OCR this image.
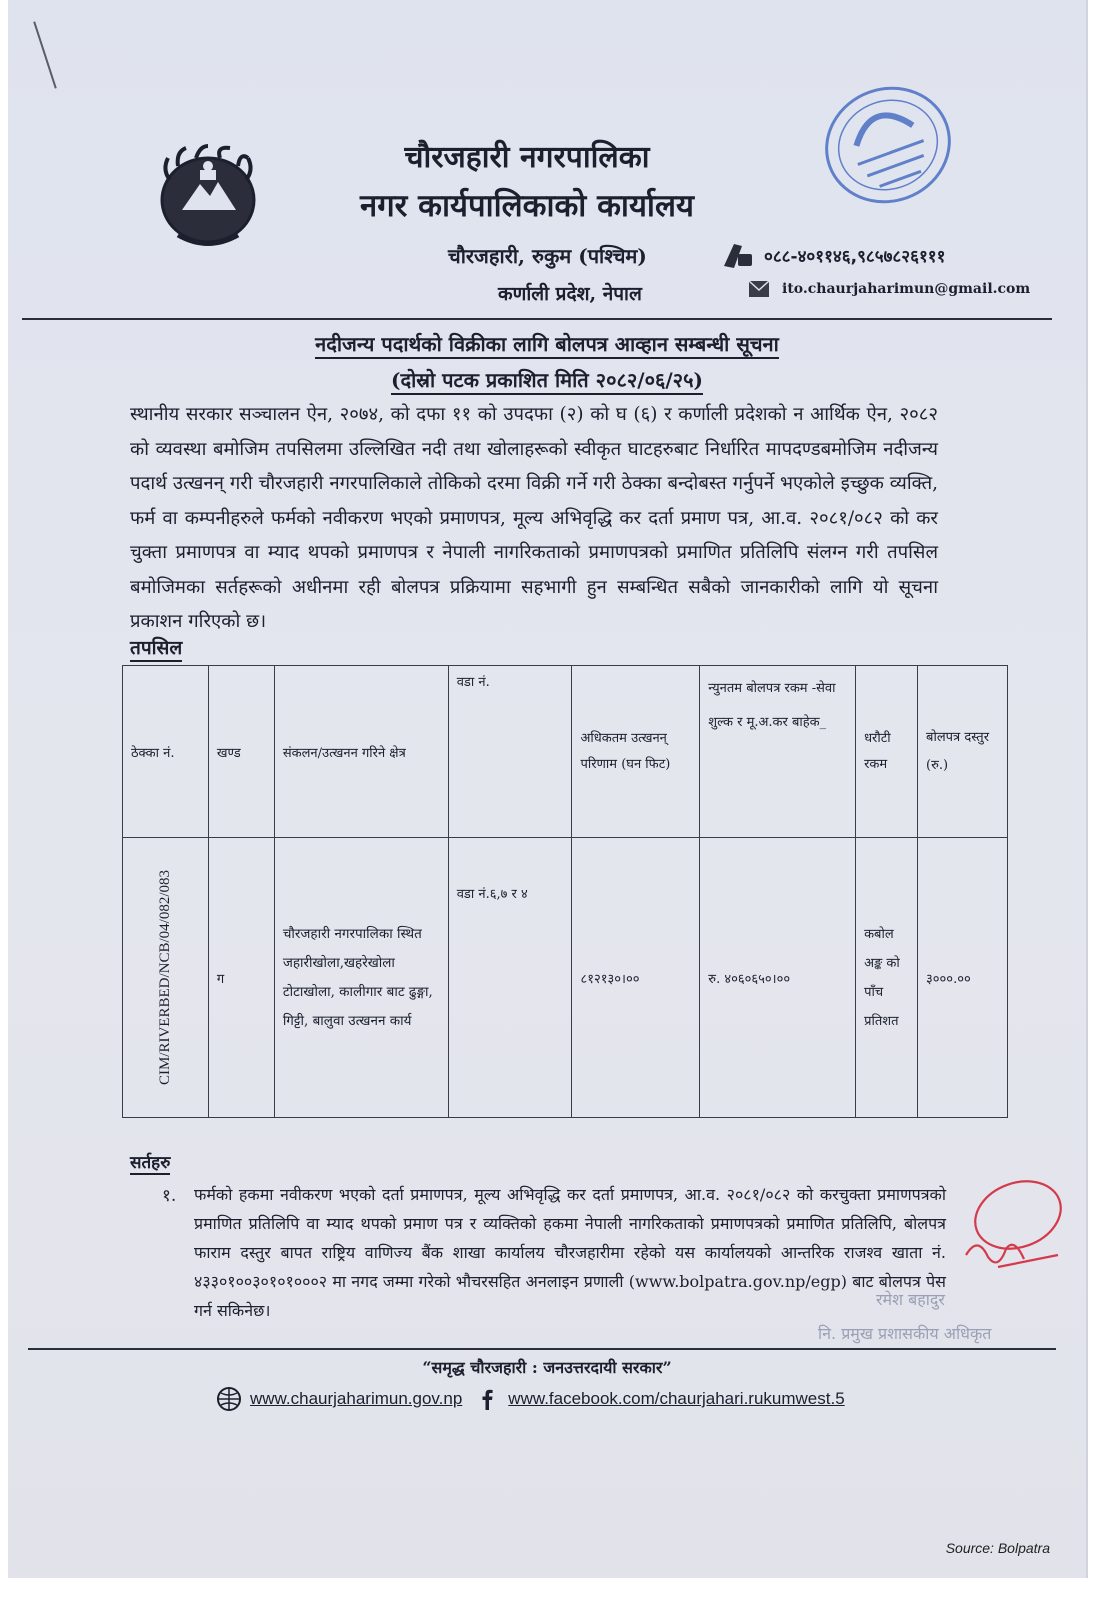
चौरजहारी नगरपालिका
नगर कार्यपालिकाको कार्यालय
चौरजहारी, रुकुम (पश्चिम)
कर्णाली प्रदेश, नेपाल
०८८-४०११४६,९८५७८२६१११
ito.chaurjaharimun@gmail.com
नदीजन्य पदार्थको विक्रीका लागि बोलपत्र आव्हान सम्बन्धी सूचना
(दोस्रो पटक प्रकाशित मिति २०८२/०६/२५)
स्थानीय सरकार सञ्चालन ऐन, २०७४, को दफा ११ को उपदफा (२) को घ (६) र कर्णाली प्रदेशको न आर्थिक ऐन, २०८२ को व्यवस्था बमोजिम तपसिलमा उल्लिखित नदी तथा खोलाहरूको स्वीकृत घाटहरुबाट निर्धारित मापदण्डबमोजिम नदीजन्य पदार्थ उत्खनन् गरी चौरजहारी नगरपालिकाले तोकिको दरमा विक्री गर्ने गरी ठेक्का बन्दोबस्त गर्नुपर्ने भएकोले इच्छुक व्यक्ति, फर्म वा कम्पनीहरुले फर्मको नवीकरण भएको प्रमाणपत्र, मूल्य अभिवृद्धि कर दर्ता प्रमाण पत्र, आ.व. २०८१/०८२ को कर चुक्ता प्रमाणपत्र वा म्याद थपको प्रमाणपत्र र नेपाली नागरिकताको प्रमाणपत्रको प्रमाणित प्रतिलिपि संलग्न गरी तपसिल बमोजिमका सर्तहरूको अधीनमा रही बोलपत्र प्रक्रियामा सहभागी हुन सम्बन्धित सबैको जानकारीको लागि यो सूचना प्रकाशन गरिएको छ।
तपसिल
ठेक्का नं.	खण्ड	संकलन/उत्खनन गरिने क्षेत्र	वडा नं.	अधिकतम उत्खनन् परिणाम (घन फिट)	न्युनतम बोलपत्र रकम -सेवा शुल्क र मू.अ.कर बाहेक_	धरौटी रकम	बोलपत्र दस्तुर (रु.)

CIM/RIVERBED/NCB/04/082/083	ग	चौरजहारी नगरपालिका स्थित जहारीखोला,खहरेखोला टोटाखोला, कालीगार बाट ढुङ्गा, गिट्टी, बालुवा उत्खनन कार्य	वडा नं.६,७ र ४	८१२१३०।००	रु. ४०६०६५०।००	कबोल अङ्क को पाँच प्रतिशत	३०००.००
सर्तहरु
१. फर्मको हकमा नवीकरण भएको दर्ता प्रमाणपत्र, मूल्य अभिवृद्धि कर दर्ता प्रमाणपत्र, आ.व. २०८१/०८२ को करचुक्ता प्रमाणपत्रको प्रमाणित प्रतिलिपि वा म्याद थपको प्रमाण पत्र र व्यक्तिको हकमा नेपाली नागरिकताको प्रमाणपत्रको प्रमाणित प्रतिलिपि, बोलपत्र फाराम दस्तुर बापत राष्ट्रिय वाणिज्य बैंक शाखा कार्यालय चौरजहारीमा रहेको यस कार्यालयको आन्तरिक राजश्व खाता नं. ४३३०१००३०१०१०००२ मा नगद जम्मा गरेको भौचरसहित अनलाइन प्रणाली (www.bolpatra.gov.np/egp) बाट बोलपत्र पेस गर्न सकिनेछ।
रमेश बहादुर
नि. प्रमुख प्रशासकीय अधिकृत
“समृद्ध चौरजहारी : जनउत्तरदायी सरकार”
www.chaurjaharimun.gov.np	www.facebook.com/chaurjahari.rukumwest.5
Source: Bolpatra
